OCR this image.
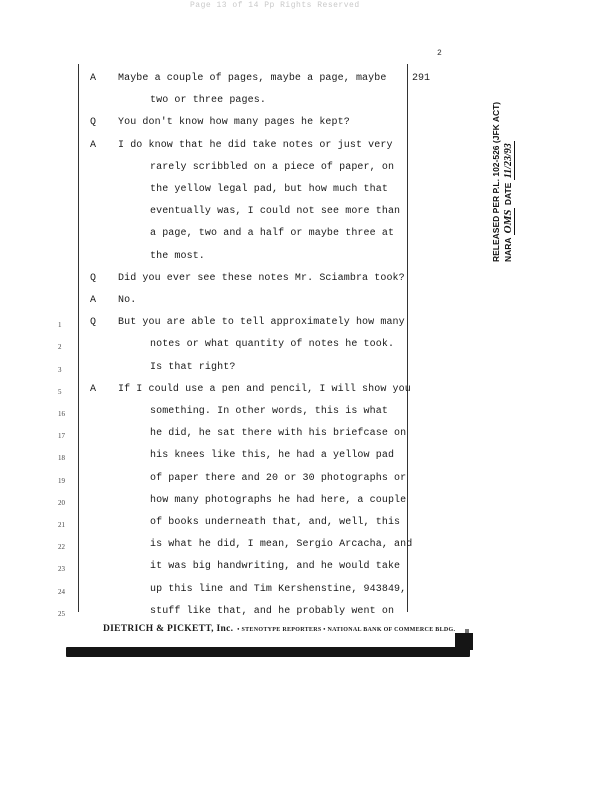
Page 13 of 14 Pp Rights Reserved
2
291
A Maybe a couple of pages, maybe a page, maybe
two or three pages.
Q You don't know how many pages he kept?
A I do know that he did take notes or just very
rarely scribbled on a piece of paper, on
the yellow legal pad, but how much that
eventually was, I could not see more than
a page, two and a half or maybe three at
the most.
Q Did you ever see these notes Mr. Sciambra took?
A No.
1	Q But you are able to tell approximately how many
2	notes or what quantity of notes he took.
3	Is that right?
5	A If I could use a pen and pencil, I will show you
16	something. In other words, this is what
17	he did, he sat there with his briefcase on
18	his knees like this, he had a yellow pad
19	of paper there and 20 or 30 photographs or
20	how many photographs he had here, a couple
21	of books underneath that, and, well, this
22	is what he did, I mean, Sergio Arcacha, and
23	it was big handwriting, and he would take
24	up this line and Tim Kershenstine, 943849,
25	stuff like that, and he probably went on
DIETRICH & PICKETT, Inc. • STENOTYPE REPORTERS • NATIONAL BANK OF COMMERCE BLDG.
RELEASED PER P.L. 102-526 (JFK ACT) NARA OMS DATE 11/23/93
